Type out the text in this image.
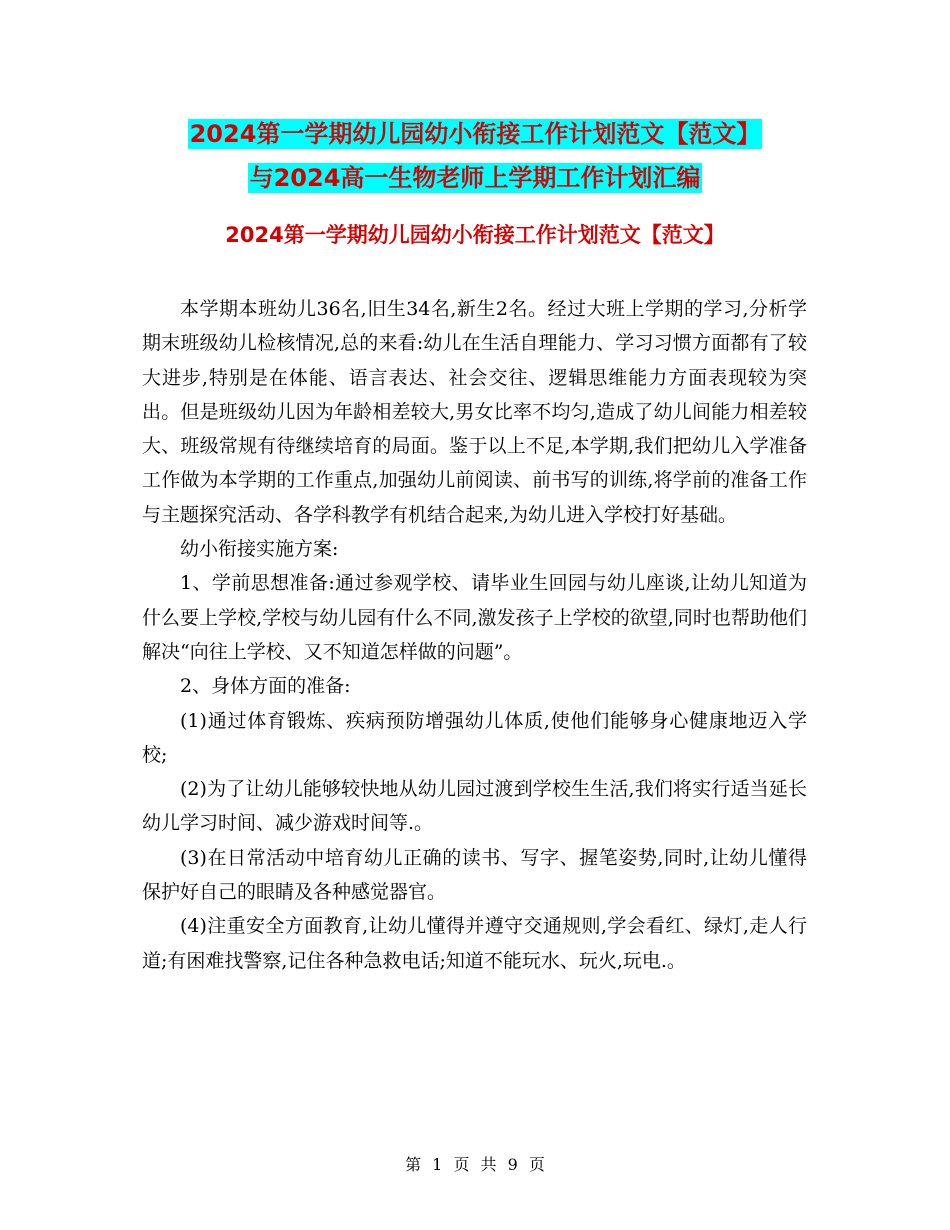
2024第一学期幼儿园幼小衔接工作计划范文【范文】
与2024高一生物老师上学期工作计划汇编
2024第一学期幼儿园幼小衔接工作计划范文【范文】

本学期本班幼儿36名,旧生34名,新生2名。经过大班上学期的学习,分析学期末班级幼儿检核情况,总的来看:幼儿在生活自理能力、学习习惯方面都有了较大进步,特别是在体能、语言表达、社会交往、逻辑思维能力方面表现较为突出。但是班级幼儿因为年龄相差较大,男女比率不均匀,造成了幼儿间能力相差较大、班级常规有待继续培育的局面。鉴于以上不足,本学期,我们把幼儿入学准备工作做为本学期的工作重点,加强幼儿前阅读、前书写的训练,将学前的准备工作与主题探究活动、各学科教学有机结合起来,为幼儿进入学校打好基础。

幼小衔接实施方案:

1、学前思想准备:通过参观学校、请毕业生回园与幼儿座谈,让幼儿知道为什么要上学校,学校与幼儿园有什么不同,激发孩子上学校的欲望,同时也帮助他们解决“向往上学校、又不知道怎样做的问题”。

2、身体方面的准备:

(1)通过体育锻炼、疾病预防增强幼儿体质,使他们能够身心健康地迈入学校;

(2)为了让幼儿能够较快地从幼儿园过渡到学校生生活,我们将实行适当延长幼儿学习时间、减少游戏时间等.。

(3)在日常活动中培育幼儿正确的读书、写字、握笔姿势,同时,让幼儿懂得保护好自己的眼睛及各种感觉器官。

(4)注重安全方面教育,让幼儿懂得并遵守交通规则,学会看红、绿灯,走人行道;有困难找警察,记住各种急救电话;知道不能玩水、玩火,玩电.。

第 1 页 共 9 页
